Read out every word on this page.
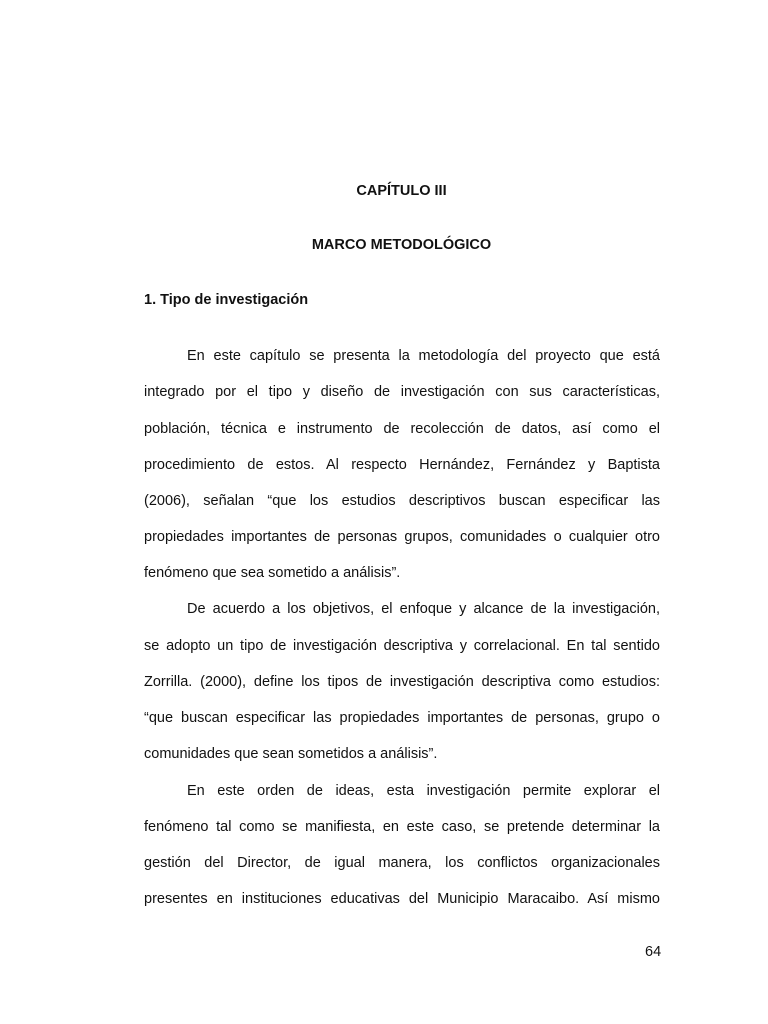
CAPÍTULO III
MARCO METODOLÓGICO
1. Tipo de investigación
En este capítulo se presenta la metodología del proyecto que está
integrado por el tipo y diseño de investigación con sus características,
población, técnica e instrumento de recolección de datos, así como el
procedimiento de estos. Al respecto Hernández, Fernández y Baptista
(2006), señalan “que los estudios descriptivos buscan especificar las
propiedades importantes de personas grupos, comunidades o cualquier otro
fenómeno que sea sometido a análisis”.
De acuerdo a los objetivos, el enfoque y alcance de la investigación,
se adopto un tipo de investigación descriptiva y correlacional. En tal sentido
Zorrilla. (2000), define los tipos de investigación descriptiva como estudios:
“que buscan especificar las propiedades importantes de personas, grupo o
comunidades que sean sometidos a análisis”.
En este orden de ideas, esta investigación permite explorar el
fenómeno tal como se manifiesta, en este caso, se pretende determinar la
gestión del Director, de igual manera, los conflictos organizacionales
presentes en instituciones educativas del Municipio Maracaibo. Así mismo
64
